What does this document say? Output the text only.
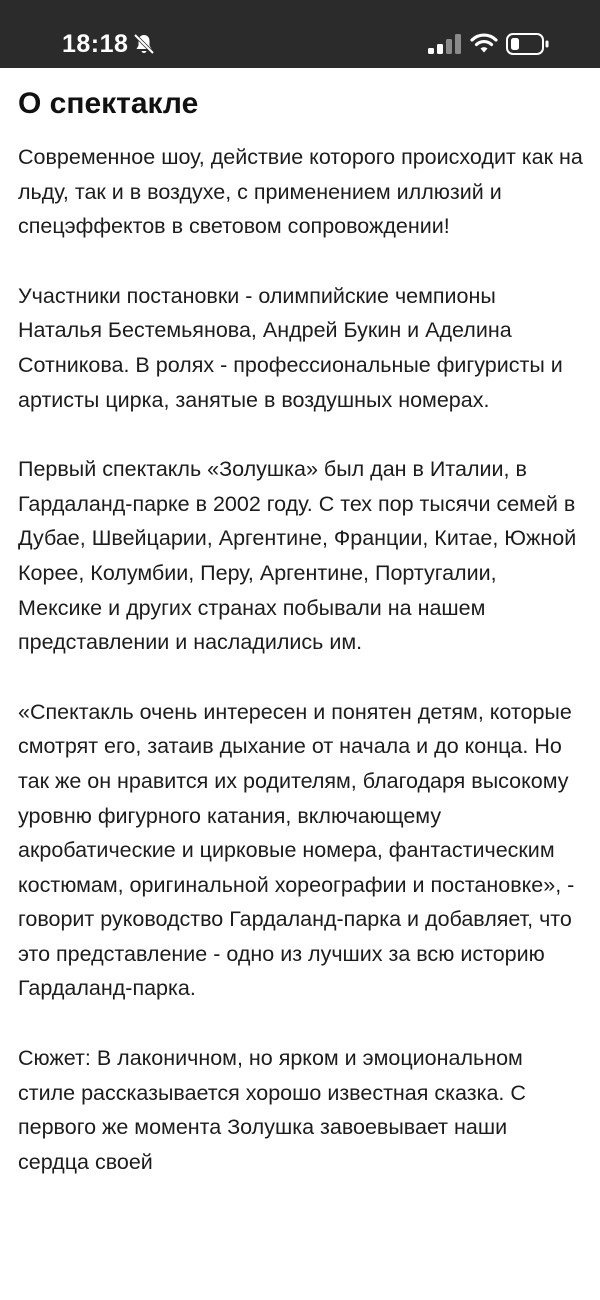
18:18
О спектакле

Современное шоу, действие которого происходит как на льду, так и в воздухе, с применением иллюзий и спецэффектов в световом сопровождении!

Участники постановки - олимпийские чемпионы Наталья Бестемьянова, Андрей Букин и Аделина Сотникова. В ролях - профессиональные фигуристы и артисты цирка, занятые в воздушных номерах.

Первый спектакль «Золушка» был дан в Италии, в Гардаланд-парке в 2002 году. С тех пор тысячи семей в Дубае, Швейцарии, Аргентине, Франции, Китае, Южной Корее, Колумбии, Перу, Аргентине, Португалии, Мексике и других странах побывали на нашем представлении и насладились им.

«Спектакль очень интересен и понятен детям, которые смотрят его, затаив дыхание от начала и до конца. Но так же он нравится их родителям, благодаря высокому уровню фигурного катания, включающему акробатические и цирковые номера, фантастическим костюмам, оригинальной хореографии и постановке», - говорит руководство Гардаланд-парка и добавляет, что это представление - одно из лучших за всю историю Гардаланд-парка.

Сюжет: В лаконичном, но ярком и эмоциональном стиле рассказывается хорошо известная сказка. С первого же момента Золушка завоевывает наши сердца своей
